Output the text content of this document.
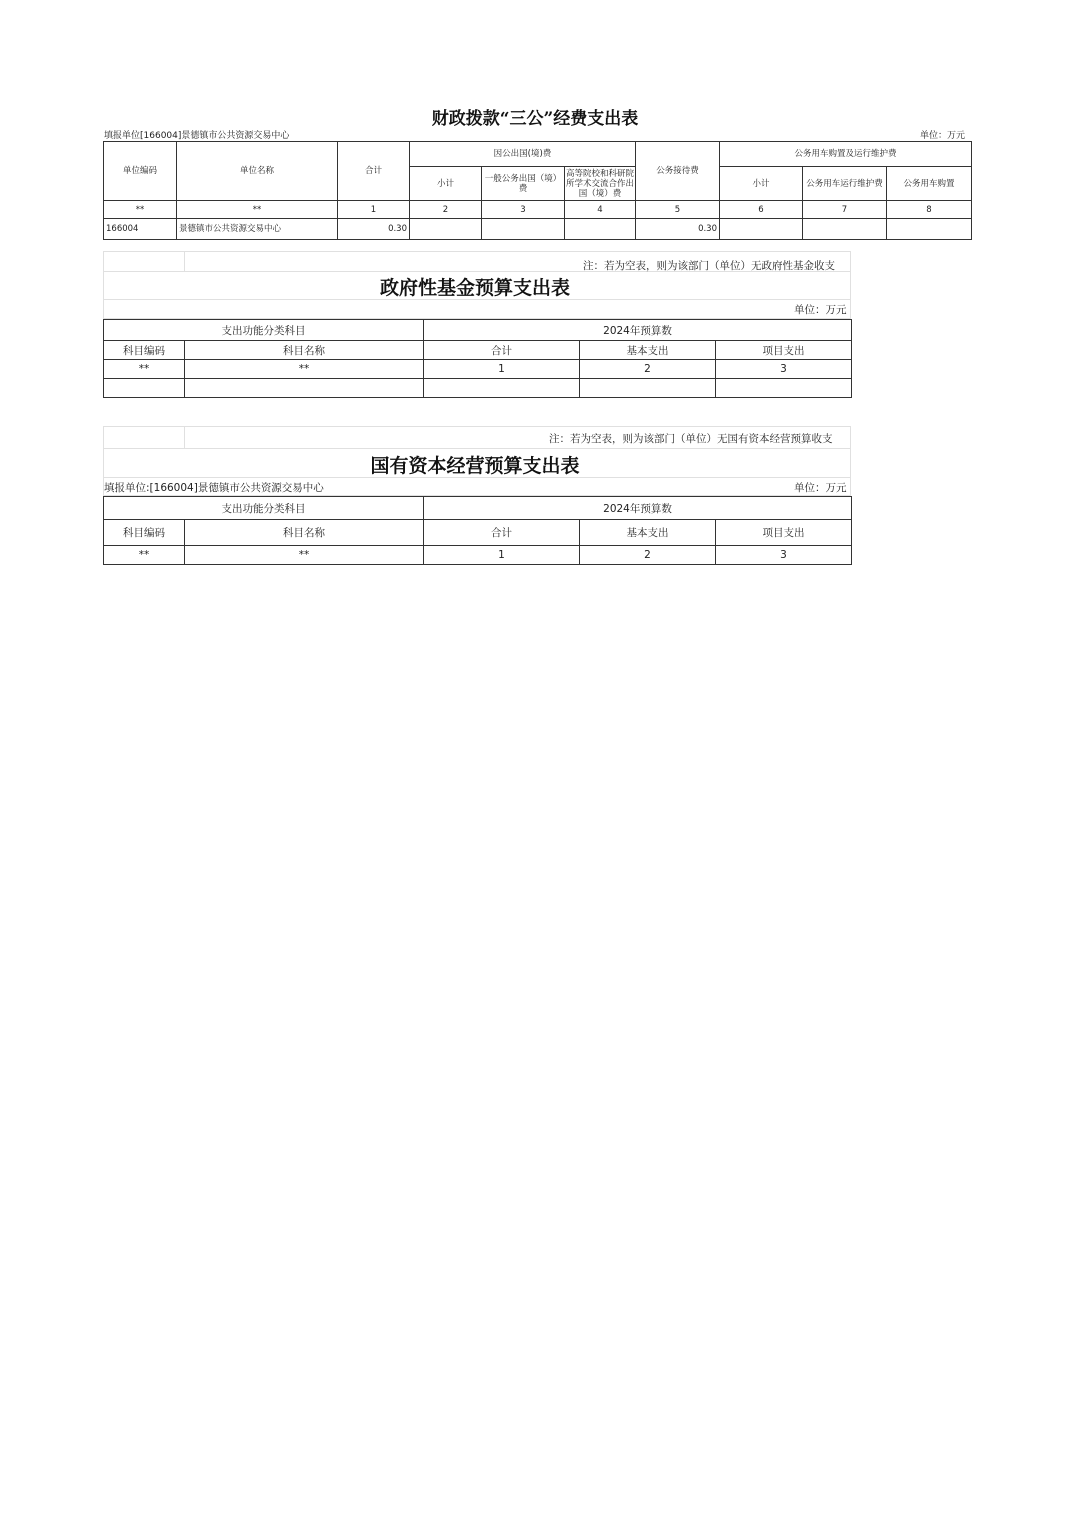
财政拨款“三公”经费支出表
填报单位[166004]景德镇市公共资源交易中心	单位：万元
单位编码	单位名称	合计	因公出国(境)费			公务接待费	公务用车购置及运行维护费		
			小计	一般公务出国（境）费	高等院校和科研院所学术交流合作出国（境）费		小计	公务用车运行维护费	公务用车购置
**	**	1	2	3	4	5	6	7	8
166004	景德镇市公共资源交易中心	0.30				0.30			
注：若为空表，则为该部门（单位）无政府性基金收支
政府性基金预算支出表
单位：万元
支出功能分类科目		2024年预算数		
科目编码	科目名称	合计	基本支出	项目支出
**	**	1	2	3

注：若为空表，则为该部门（单位）无国有资本经营预算收支
国有资本经营预算支出表
填报单位:[166004]景德镇市公共资源交易中心	单位：万元
支出功能分类科目		2024年预算数		
科目编码	科目名称	合计	基本支出	项目支出
**	**	1	2	3
